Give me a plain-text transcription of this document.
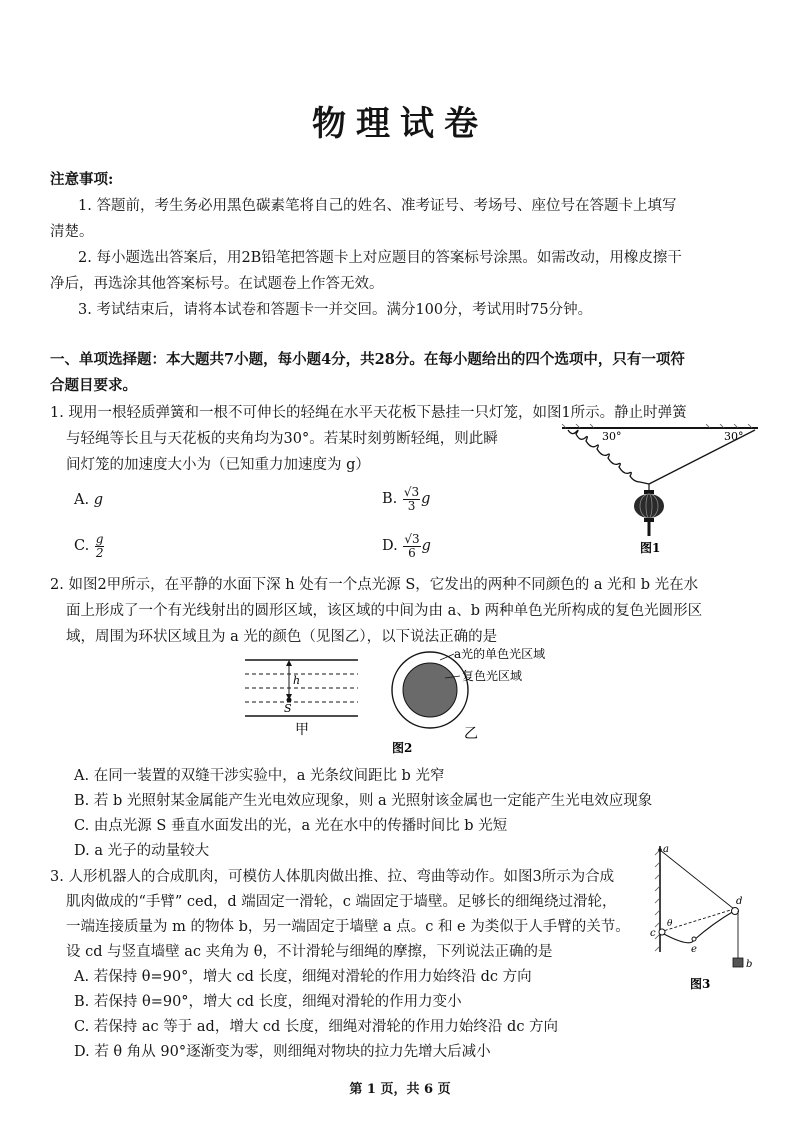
物理试卷
注意事项:
1. 答题前，考生务必用黑色碳素笔将自己的姓名、准考证号、考场号、座位号在答题卡上填写
清楚。
2. 每小题选出答案后，用2B铅笔把答题卡上对应题目的答案标号涂黑。如需改动，用橡皮擦干
净后，再选涂其他答案标号。在试题卷上作答无效。
3. 考试结束后，请将本试卷和答题卡一并交回。满分100分，考试用时75分钟。
一、单项选择题：本大题共7小题，每小题4分，共28分。在每小题给出的四个选项中，只有一项符
合题目要求。
1. 现用一根轻质弹簧和一根不可伸长的轻绳在水平天花板下悬挂一只灯笼，如图1所示。静止时弹簧
与轻绳等长且与天花板的夹角均为30°。若某时刻剪断轻绳，则此瞬
间灯笼的加速度大小为（已知重力加速度为 g）
A. g	B. $\frac{√3}{3}$ g
C. $\frac{g}{2}$	D. $\frac{√3}{6}$ g
30°	30°
图1
2. 如图2甲所示，在平静的水面下深 h 处有一个点光源 S，它发出的两种不同颜色的 a 光和 b 光在水
面上形成了一个有光线射出的圆形区域，该区域的中间为由 a、b 两种单色光所构成的复色光圆形区
域，周围为环状区域且为 a 光的颜色（见图乙），以下说法正确的是
h
S
甲
a光的单色光区域
复色光区域
乙
图2
A. 在同一装置的双缝干涉实验中，a 光条纹间距比 b 光窄
B. 若 b 光照射某金属能产生光电效应现象，则 a 光照射该金属也一定能产生光电效应现象
C. 由点光源 S 垂直水面发出的光，a 光在水中的传播时间比 b 光短
D. a 光子的动量较大
3. 人形机器人的合成肌肉，可模仿人体肌肉做出推、拉、弯曲等动作。如图3所示为合成
肌肉做成的“手臂” ced，d 端固定一滑轮，c 端固定于墙壁。足够长的细绳绕过滑轮，
一端连接质量为 m 的物体 b，另一端固定于墙壁 a 点。c 和 e 为类似于人手臂的关节。
设 cd 与竖直墙壁 ac 夹角为 θ，不计滑轮与细绳的摩擦，下列说法正确的是
A. 若保持 θ=90°，增大 cd 长度，细绳对滑轮的作用力始终沿 dc 方向
B. 若保持 θ=90°，增大 cd 长度，细绳对滑轮的作用力变小
C. 若保持 ac 等于 ad，增大 cd 长度，细绳对滑轮的作用力始终沿 dc 方向
D. 若 θ 角从 90°逐渐变为零，则细绳对物块的拉力先增大后减小
a
c
e
d
b
θ
图3
第 1 页，共 6 页
